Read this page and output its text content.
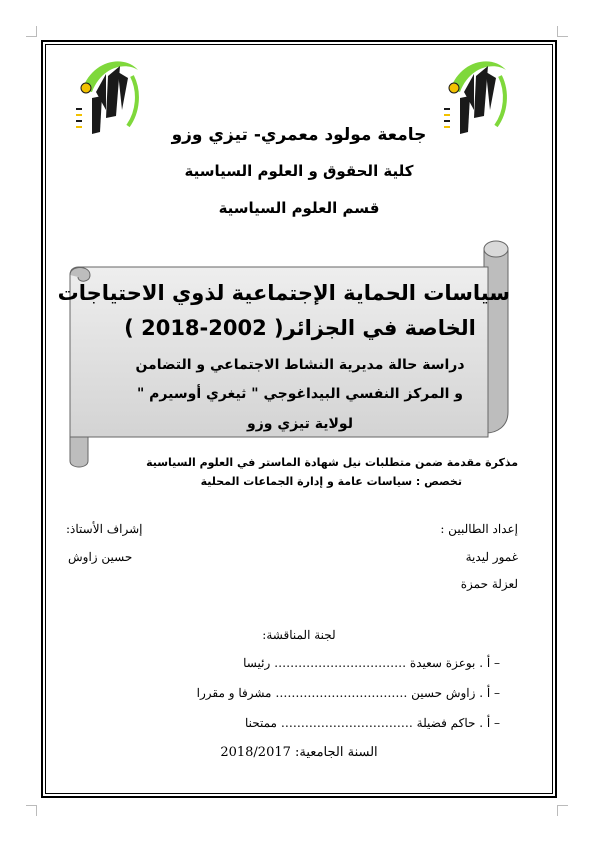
جامعة مولود معمري- تيزي وزو
كلية الحقوق و العلوم السياسية
قسم العلوم السياسية
سياسات الحماية الإجتماعية لذوي الاحتياجات
الخاصة في الجزائر( 2002-2018 )
دراسة حالة مديرية النشاط الاجتماعي و التضامن
و المركز النفسي البيداغوجي " ثيغري أوسيرم "
لولاية تيزي وزو
مذكرة مقدمة ضمن متطلبات نيل شهادة الماستر في العلوم السياسية
تخصص : سياسات عامة و إدارة الجماعات المحلية
إعداد الطالبين :
غمور ليدية
لعزلة حمزة
إشراف الأستاذ:
حسين زاوش
لجنة المناقشة:
– أ . بوعزة سعيدة …………………………… رئيسا
– أ . زاوش حسين …………………………… مشرفا و مقررا
– أ . حاكم فضيلة …………………………… ممتحنا
السنة الجامعية: 2018/2017
